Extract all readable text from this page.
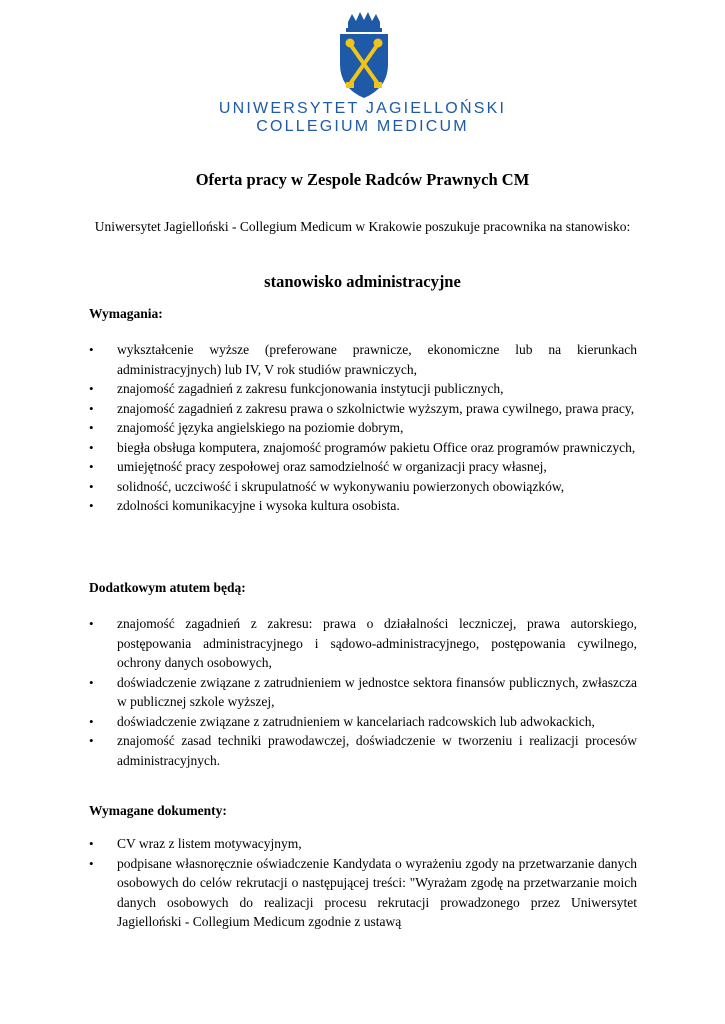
UNIWERSYTET JAGIELLOŃSKI
COLLEGIUM MEDICUM
Oferta pracy w Zespole Radców Prawnych CM
Uniwersytet Jagielloński - Collegium Medicum w Krakowie poszukuje pracownika na stanowisko:
stanowisko administracyjne
Wymagania:
•	wykształcenie wyższe (preferowane prawnicze, ekonomiczne lub na kierunkach administracyjnych) lub IV, V rok studiów prawniczych,
•	znajomość zagadnień z zakresu funkcjonowania instytucji publicznych,
•	znajomość zagadnień z zakresu prawa o szkolnictwie wyższym, prawa cywilnego, prawa pracy,
•	znajomość języka angielskiego na poziomie dobrym,
•	biegła obsługa komputera, znajomość programów pakietu Office oraz programów prawniczych,
•	umiejętność pracy zespołowej oraz samodzielność w organizacji pracy własnej,
•	solidność, uczciwość i skrupulatność w wykonywaniu powierzonych obowiązków,
•	zdolności komunikacyjne i wysoka kultura osobista.
Dodatkowym atutem będą:
•	znajomość zagadnień z zakresu: prawa o działalności leczniczej, prawa autorskiego, postępowania administracyjnego i sądowo-administracyjnego, postępowania cywilnego, ochrony danych osobowych,
•	doświadczenie związane z zatrudnieniem w jednostce sektora finansów publicznych, zwłaszcza w publicznej szkole wyższej,
•	doświadczenie związane z zatrudnieniem w kancelariach radcowskich lub adwokackich,
•	znajomość zasad techniki prawodawczej, doświadczenie w tworzeniu i realizacji procesów administracyjnych.
Wymagane dokumenty:
•	CV wraz z listem motywacyjnym,
•	podpisane własnoręcznie oświadczenie Kandydata o wyrażeniu zgody na przetwarzanie danych osobowych do celów rekrutacji o następującej treści: "Wyrażam zgodę na przetwarzanie moich danych osobowych do realizacji procesu rekrutacji prowadzonego przez Uniwersytet Jagielloński - Collegium Medicum zgodnie z ustawą
